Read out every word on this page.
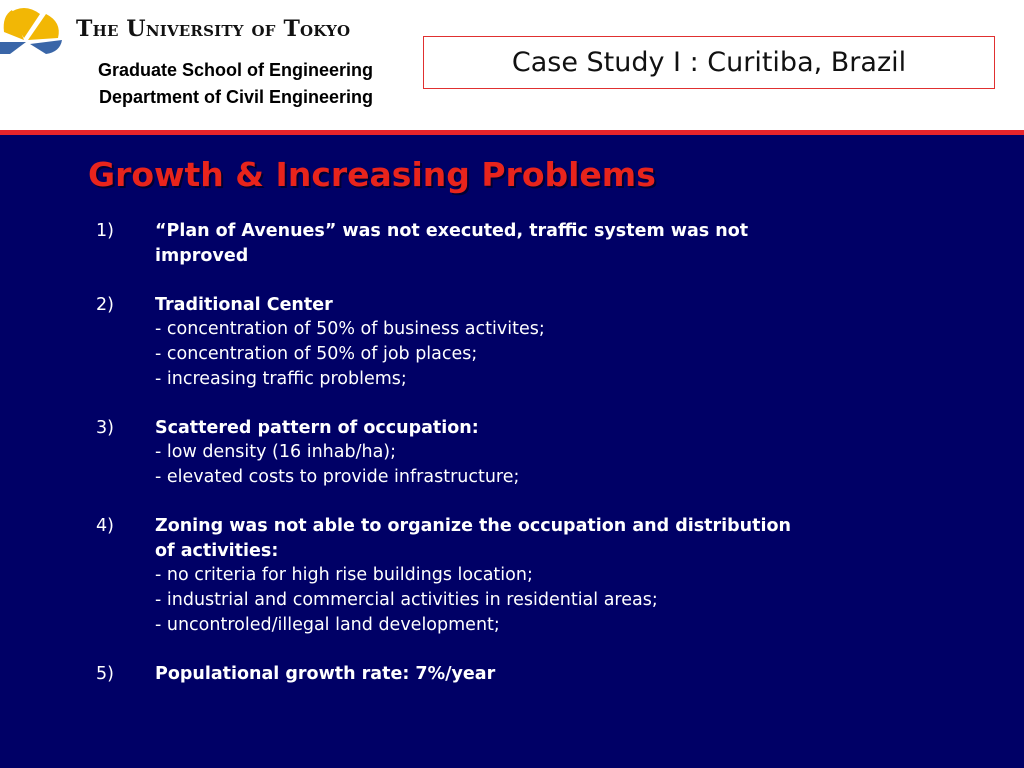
The University of Tokyo
Graduate School of Engineering
Department of Civil Engineering
Case Study I : Curitiba, Brazil
Growth & Increasing Problems
1)	“Plan of Avenues” was not executed, traffic system was not improved
2)	Traditional Center
- concentration of 50% of business activites;
- concentration of 50% of job places;
- increasing traffic problems;
3)	Scattered pattern of occupation:
- low density (16 inhab/ha);
- elevated costs to provide infrastructure;
4)	Zoning was not able to organize the occupation and distribution of activities:
- no criteria for high rise buildings location;
- industrial and commercial activities in residential areas;
- uncontroled/illegal land development;
5)	Populational growth rate: 7%/year
